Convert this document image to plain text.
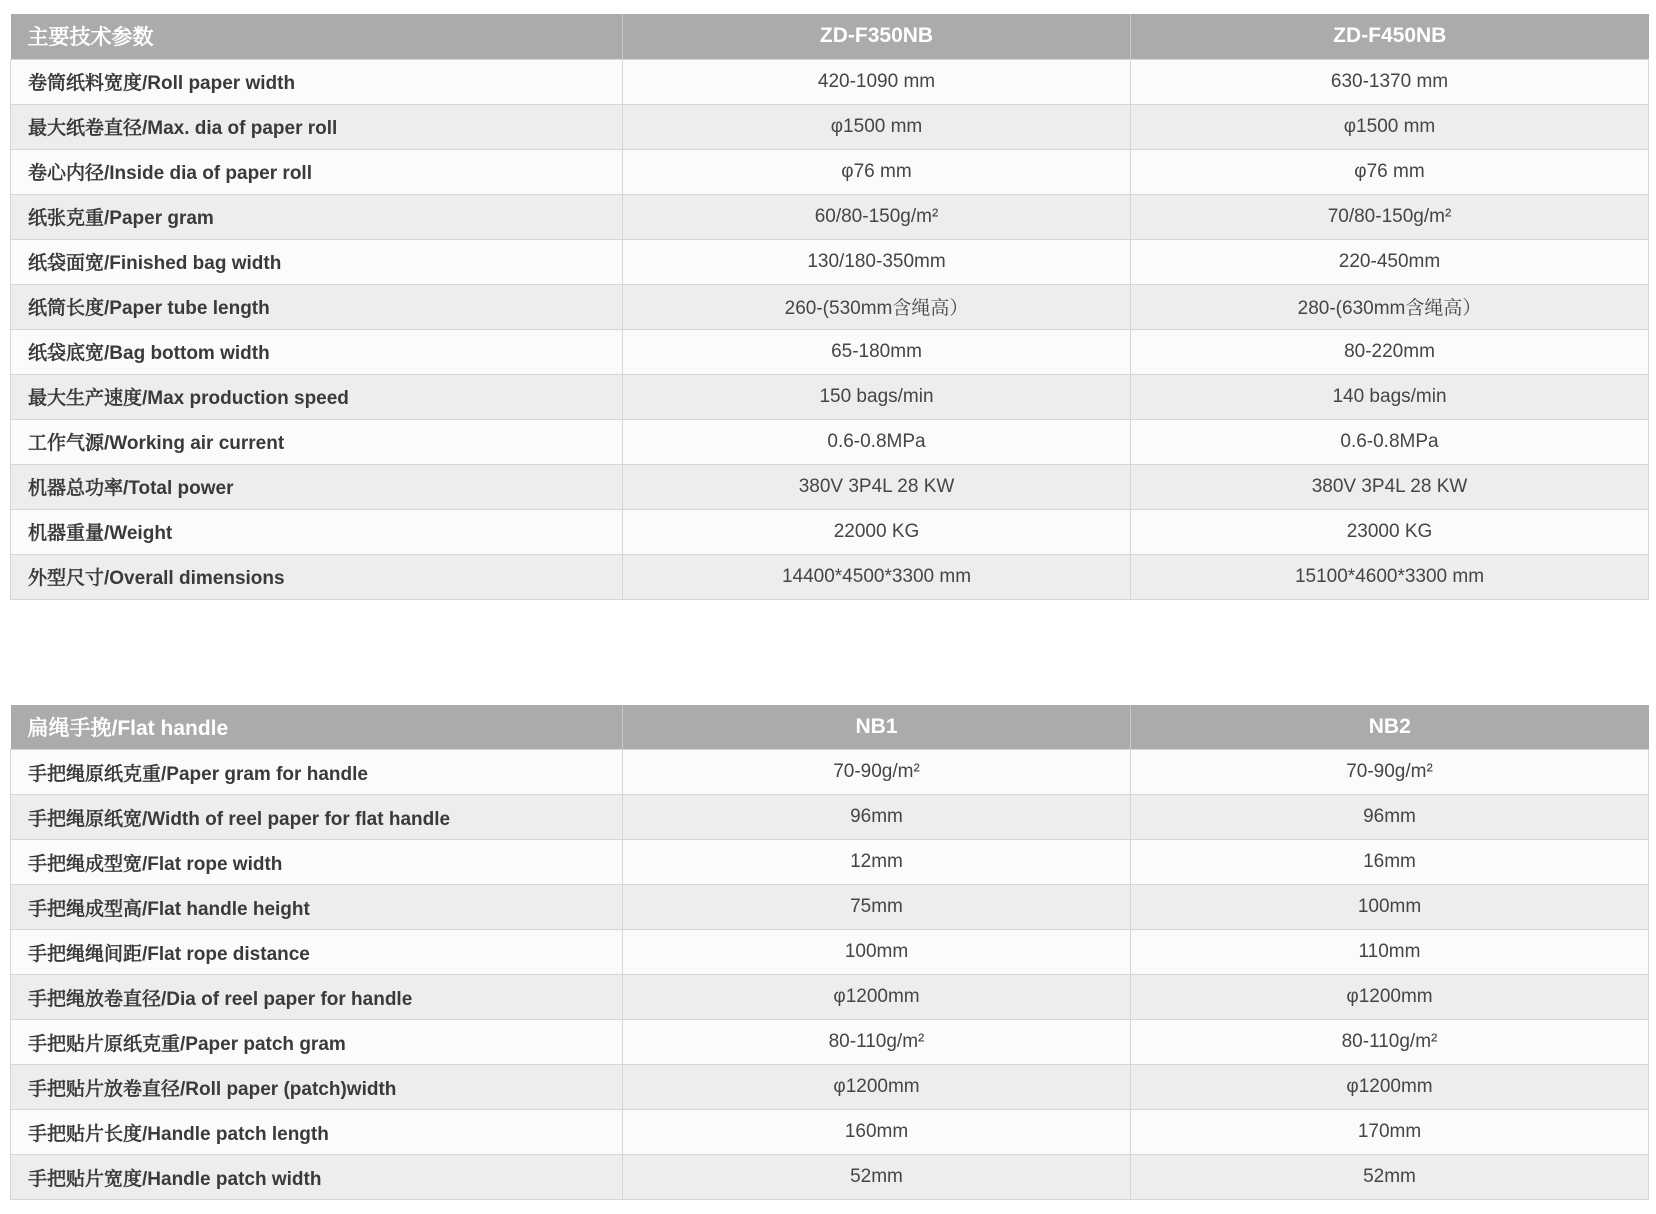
主要技术参数	ZD-F350NB	ZD-F450NB
卷筒纸料宽度/Roll paper width	420-1090 mm	630-1370 mm
最大纸卷直径/Max. dia of paper roll	φ1500 mm	φ1500 mm
卷心内径/Inside dia of paper roll	φ76 mm	φ76 mm
纸张克重/Paper gram	60/80-150g/m²	70/80-150g/m²
纸袋面宽/Finished bag width	130/180-350mm	220-450mm
纸筒长度/Paper tube length	260-(530mm含绳高）	280-(630mm含绳高）
纸袋底宽/Bag bottom width	65-180mm	80-220mm
最大生产速度/Max production speed	150 bags/min	140 bags/min
工作气源/Working air current	0.6-0.8MPa	0.6-0.8MPa
机器总功率/Total power	380V 3P4L 28 KW	380V 3P4L 28 KW
机器重量/Weight	22000 KG	23000 KG
外型尺寸/Overall dimensions	14400*4500*3300 mm	15100*4600*3300 mm
扁绳手挽/Flat handle	NB1	NB2
手把绳原纸克重/Paper gram for handle	70-90g/m²	70-90g/m²
手把绳原纸宽/Width of reel paper for flat handle	96mm	96mm
手把绳成型宽/Flat rope width	12mm	16mm
手把绳成型高/Flat handle height	75mm	100mm
手把绳绳间距/Flat rope distance	100mm	110mm
手把绳放卷直径/Dia of reel paper for handle	φ1200mm	φ1200mm
手把贴片原纸克重/Paper patch gram	80-110g/m²	80-110g/m²
手把贴片放卷直径/Roll paper (patch)width	φ1200mm	φ1200mm
手把贴片长度/Handle patch length	160mm	170mm
手把贴片宽度/Handle patch width	52mm	52mm
